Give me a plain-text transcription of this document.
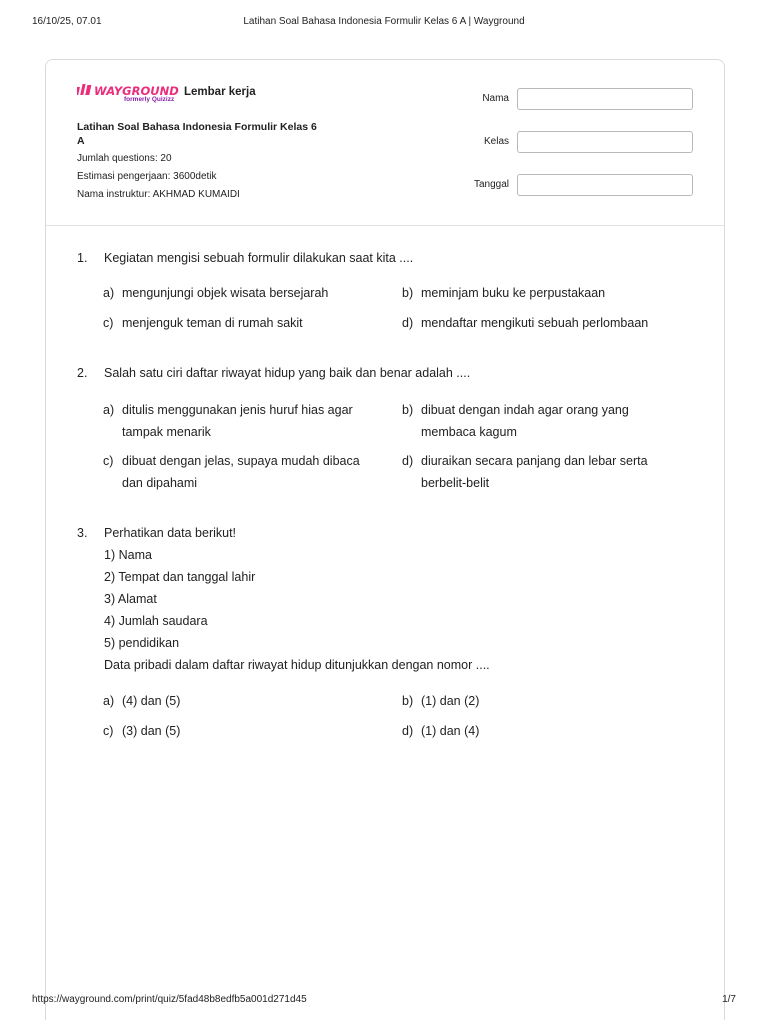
16/10/25, 07.01	Latihan Soal Bahasa Indonesia Formulir Kelas 6 A | Wayground
WAYGROUND
formerly Quizizz
Lembar kerja
Latihan Soal Bahasa Indonesia Formulir Kelas 6 A
Jumlah questions: 20
Estimasi pengerjaan: 3600detik
Nama instruktur: AKHMAD KUMAIDI
Nama
Kelas
Tanggal
1. Kegiatan mengisi sebuah formulir dilakukan saat kita ....
a) mengunjungi objek wisata bersejarah	b) meminjam buku ke perpustakaan
c) menjenguk teman di rumah sakit	d) mendaftar mengikuti sebuah perlombaan
2. Salah satu ciri daftar riwayat hidup yang baik dan benar adalah ....
a) ditulis menggunakan jenis huruf hias agar tampak menarik
b) dibuat dengan indah agar orang yang membaca kagum
c) dibuat dengan jelas, supaya mudah dibaca dan dipahami
d) diuraikan secara panjang dan lebar serta berbelit-belit
3. Perhatikan data berikut!
1) Nama
2) Tempat dan tanggal lahir
3) Alamat
4) Jumlah saudara
5) pendidikan
Data pribadi dalam daftar riwayat hidup ditunjukkan dengan nomor ....
a) (4) dan (5)	b) (1) dan (2)
c) (3) dan (5)	d) (1) dan (4)
https://wayground.com/print/quiz/5fad48b8edfb5a001d271d45	1/7
